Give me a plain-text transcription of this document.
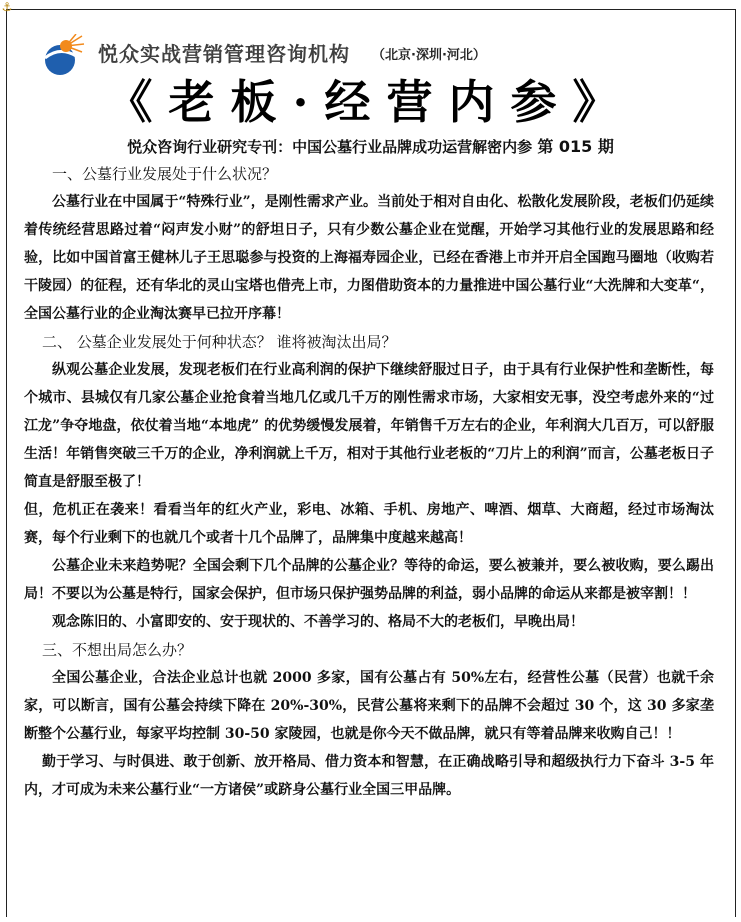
⚓
悦众实战营销管理咨询机构 （北京·深圳·河北）
《老板·经营内参》
悦众咨询行业研究专刊：中国公墓行业品牌成功运营解密内参 第 015 期
一、公墓行业发展处于什么状况？
公墓行业在中国属于“特殊行业”，是刚性需求产业。当前处于相对自由化、松散化发展阶段，老板们仍延续着传统经营思路过着“闷声发小财”的舒坦日子，只有少数公墓企业在觉醒，开始学习其他行业的发展思路和经验，比如中国首富王健林儿子王思聪参与投资的上海福寿园企业，已经在香港上市并开启全国跑马圈地（收购若干陵园）的征程，还有华北的灵山宝塔也借壳上市，力图借助资本的力量推进中国公墓行业“大洗牌和大变革“，全国公墓行业的企业淘汰赛早已拉开序幕！
二、 公墓企业发展处于何种状态？ 谁将被淘汰出局？
纵观公墓企业发展，发现老板们在行业高利润的保护下继续舒服过日子，由于具有行业保护性和垄断性，每个城市、县城仅有几家公墓企业抢食着当地几亿或几千万的刚性需求市场，大家相安无事，没空考虑外来的“过江龙”争夺地盘，依仗着当地“本地虎” 的优势缓慢发展着，年销售千万左右的企业，年利润大几百万，可以舒服生活！年销售突破三千万的企业，净利润就上千万，相对于其他行业老板的“刀片上的利润”而言，公墓老板日子简直是舒服至极了！
但，危机正在袭来！看看当年的红火产业，彩电、冰箱、手机、房地产、啤酒、烟草、大商超，经过市场淘汰赛，每个行业剩下的也就几个或者十几个品牌了，品牌集中度越来越高！
公墓企业未来趋势呢？全国会剩下几个品牌的公墓企业？等待的命运，要么被兼并，要么被收购，要么踢出局！不要以为公墓是特行，国家会保护，但市场只保护强势品牌的利益，弱小品牌的命运从来都是被宰割！！
观念陈旧的、小富即安的、安于现状的、不善学习的、格局不大的老板们，早晚出局！
三、不想出局怎么办？
全国公墓企业，合法企业总计也就 2000 多家，国有公墓占有 50%左右，经营性公墓（民营）也就千余家，可以断言，国有公墓会持续下降在 20%-30%，民营公墓将来剩下的品牌不会超过 30 个，这 30 多家垄断整个公墓行业，每家平均控制 30-50 家陵园，也就是你今天不做品牌，就只有等着品牌来收购自己！！
勤于学习、与时俱进、敢于创新、放开格局、借力资本和智慧，在正确战略引导和超级执行力下奋斗 3-5 年内，才可成为未来公墓行业“一方诸侯”或跻身公墓行业全国三甲品牌。
